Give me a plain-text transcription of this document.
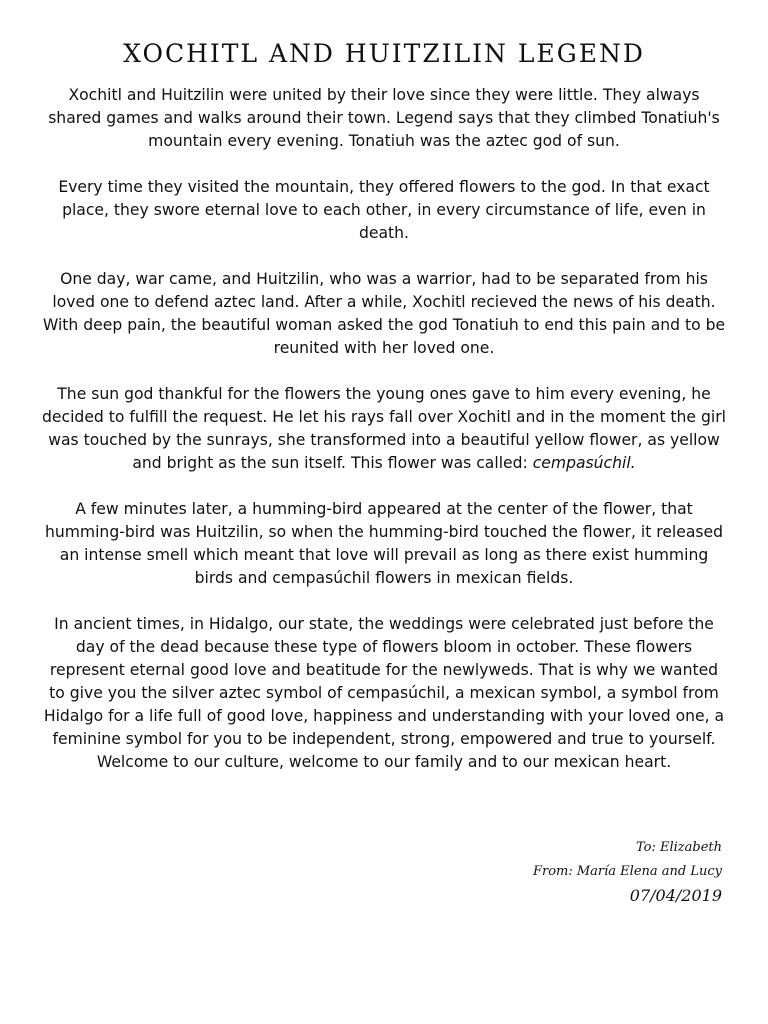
XOCHITL AND HUITZILIN LEGEND

Xochitl and Huitzilin were united by their love since they were little. They always shared games and walks around their town. Legend says that they climbed Tonatiuh's mountain every evening. Tonatiuh was the aztec god of sun.

Every time they visited the mountain, they offered flowers to the god. In that exact place, they swore eternal love to each other, in every circumstance of life, even in death.

One day, war came, and Huitzilin, who was a warrior, had to be separated from his loved one to defend aztec land. After a while, Xochitl recieved the news of his death. With deep pain, the beautiful woman asked the god Tonatiuh to end this pain and to be reunited with her loved one.

The sun god thankful for the flowers the young ones gave to him every evening, he decided to fulfill the request. He let his rays fall over Xochitl and in the moment the girl was touched by the sunrays, she transformed into a beautiful yellow flower, as yellow and bright as the sun itself. This flower was called: cempasúchil.

A few minutes later, a humming-bird appeared at the center of the flower, that humming-bird was Huitzilin, so when the humming-bird touched the flower, it released an intense smell which meant that love will prevail as long as there exist humming birds and cempasúchil flowers in mexican fields.

In ancient times, in Hidalgo, our state, the weddings were celebrated just before the day of the dead because these type of flowers bloom in october. These flowers represent eternal good love and beatitude for the newlyweds. That is why we wanted to give you the silver aztec symbol of cempasúchil, a mexican symbol, a symbol from Hidalgo for a life full of good love, happiness and understanding with your loved one, a feminine symbol for you to be independent, strong, empowered and true to yourself. Welcome to our culture, welcome to our family and to our mexican heart.

To: Elizabeth
From: María Elena and Lucy
07/04/2019
